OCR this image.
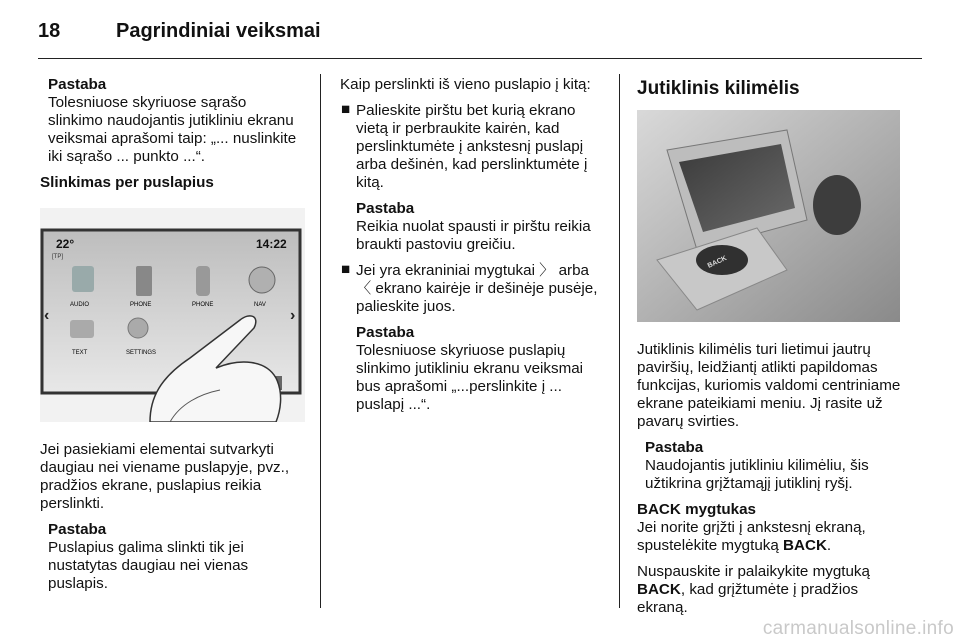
18	Pagrindiniai veiksmai

Pastaba

Tolesniuose skyriuose sąrašo slinkimo naudojantis jutikliniu ekranu veiksmai aprašomi taip: „... nuslinkite iki sąrašo ... punkto ...“.

Slinkimas per puslapius

22°
[TP]
14:22
AUDIO	PHONE	PHONE	NAV
TEXT	SETTINGS
‹	›

Jei pasiekiami elementai sutvarkyti daugiau nei viename puslapyje, pvz., pradžios ekrane, puslapius reikia perslinkti.

Pastaba

Puslapius galima slinkti tik jei nustatytas daugiau nei vienas puslapis.

Kaip perslinkti iš vieno puslapio į kitą:

■ Palieskite pirštu bet kurią ekrano vietą ir perbraukite kairėn, kad perslinktumėte į ankstesnį puslapį arba dešinėn, kad perslinktumėte į kitą.

Pastaba

Reikia nuolat spausti ir pirštu reikia braukti pastoviu greičiu.

■ Jei yra ekraniniai mygtukai 〉 arba 〈 ekrano kairėje ir dešinėje pusėje, palieskite juos.

Pastaba

Tolesniuose skyriuose puslapių slinkimo jutikliniu ekranu veiksmai bus aprašomi „...perslinkite į ... puslapį ...“.

Jutiklinis kilimėlis
BACK

Jutiklinis kilimėlis turi lietimui jautrų paviršių, leidžiantį atlikti papildomas funkcijas, kuriomis valdomi centriniame ekrane pateikiami meniu. Jį rasite už pavarų svirties.

Pastaba

Naudojantis jutikliniu kilimėliu, šis užtikrina grįžtamąjį jutiklinį ryšį.

BACK mygtukas

Jei norite grįžti į ankstesnį ekraną, spustelėkite mygtuką BACK.

Nuspauskite ir palaikykite mygtuką BACK, kad grįžtumėte į pradžios ekraną.

carmanualsonline.info
